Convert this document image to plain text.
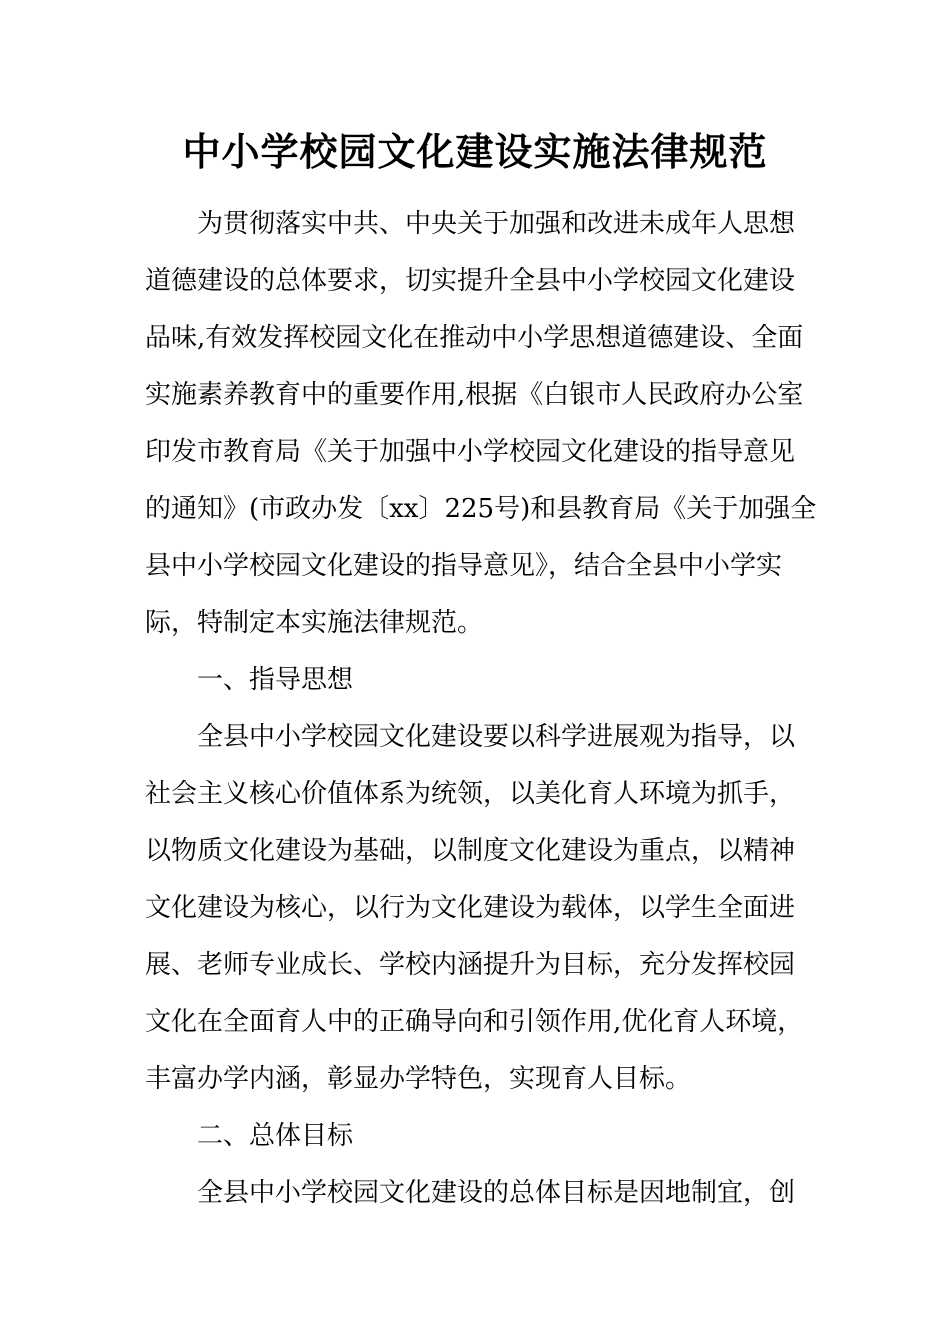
中小学校园文化建设实施法律规范
为贯彻落实中共、中央关于加强和改进未成年人思想
道德建设的总体要求，切实提升全县中小学校园文化建设
品味,有效发挥校园文化在推动中小学思想道德建设、全面
实施素养教育中的重要作用,根据《白银市人民政府办公室
印发市教育局《关于加强中小学校园文化建设的指导意见
的通知》(市政办发〔xx〕225号)和县教育局《关于加强全
县中小学校园文化建设的指导意见》，结合全县中小学实
际，特制定本实施法律规范。
一、指导思想
全县中小学校园文化建设要以科学进展观为指导，以
社会主义核心价值体系为统领，以美化育人环境为抓手，
以物质文化建设为基础，以制度文化建设为重点，以精神
文化建设为核心，以行为文化建设为载体，以学生全面进
展、老师专业成长、学校内涵提升为目标，充分发挥校园
文化在全面育人中的正确导向和引领作用,优化育人环境，
丰富办学内涵，彰显办学特色，实现育人目标。
二、总体目标
全县中小学校园文化建设的总体目标是因地制宜，创
